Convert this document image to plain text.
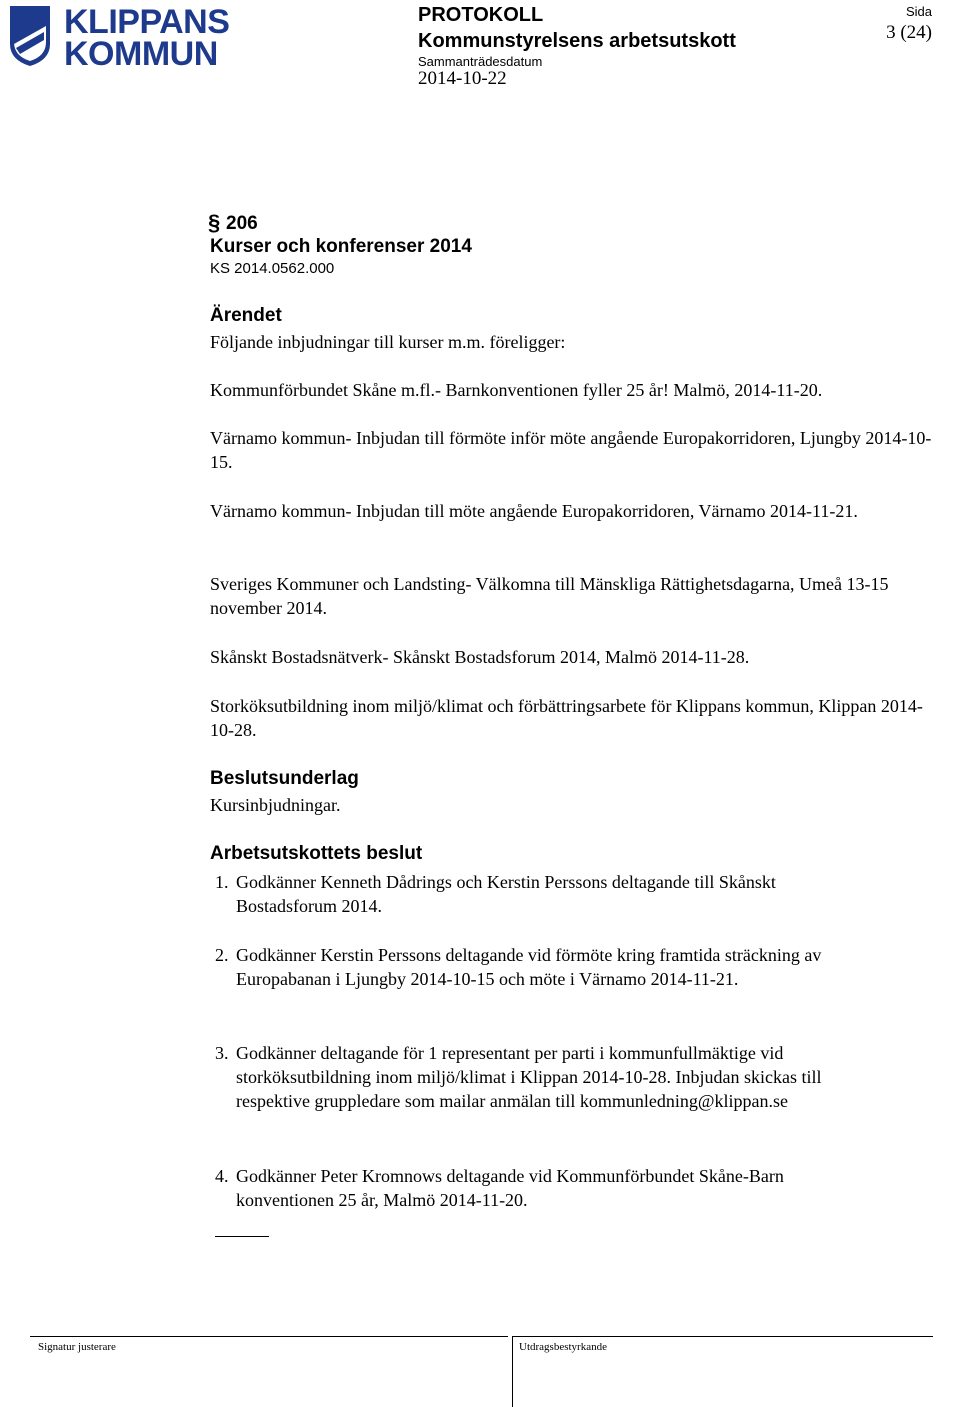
KLIPPANS
KOMMUN
PROTOKOLL
Kommunstyrelsens arbetsutskott
Sammanträdesdatum
2014-10-22
Sida
3 (24)
§ 206
Kurser och konferenser 2014
KS 2014.0562.000
Ärendet
Följande inbjudningar till kurser m.m. föreligger:
Kommunförbundet Skåne m.fl.- Barnkonventionen fyller 25 år! Malmö, 2014-11-20.
Värnamo kommun- Inbjudan till förmöte inför möte angående Europakorridoren, Ljungby 2014-10-15.
Värnamo kommun- Inbjudan till möte angående Europakorridoren, Värnamo 2014-11-21.
Sveriges Kommuner och Landsting- Välkomna till Mänskliga Rättighetsdagarna, Umeå 13-15 november 2014.
Skånskt Bostadsnätverk- Skånskt Bostadsforum 2014, Malmö 2014-11-28.
Storköksutbildning inom miljö/klimat och förbättringsarbete för Klippans kommun, Klippan 2014-10-28.
Beslutsunderlag
Kursinbjudningar.
Arbetsutskottets beslut
1. Godkänner Kenneth Dådrings och Kerstin Perssons deltagande till Skånskt Bostadsforum 2014.
2. Godkänner Kerstin Perssons deltagande vid förmöte kring framtida sträckning av Europabanan i Ljungby 2014-10-15 och möte i Värnamo 2014-11-21.
3. Godkänner deltagande för 1 representant per parti i kommunfullmäktige vid storköksutbildning inom miljö/klimat i Klippan 2014-10-28. Inbjudan skickas till respektive gruppledare som mailar anmälan till kommunledning@klippan.se
4. Godkänner Peter Kromnows deltagande vid Kommunförbundet Skåne-Barn konventionen 25 år, Malmö 2014-11-20.
Signatur justerare	Utdragsbestyrkande
